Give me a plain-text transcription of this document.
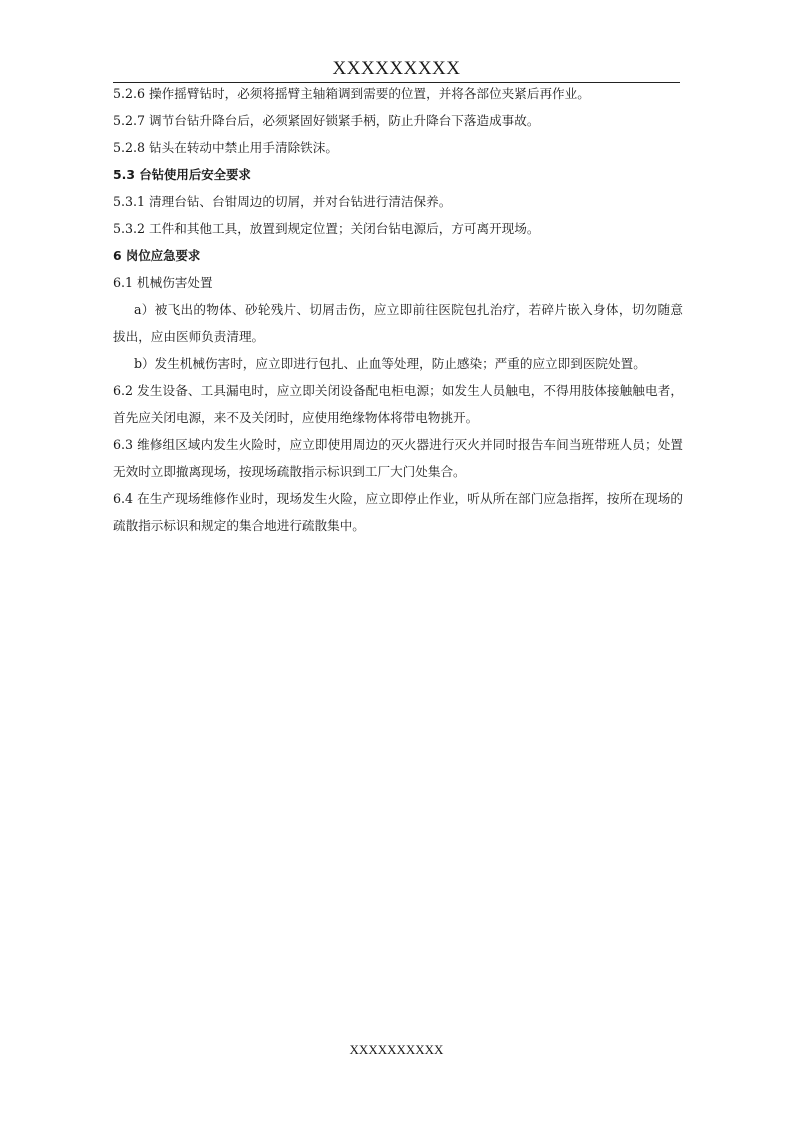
XXXXXXXXX
5.2.6 操作摇臂钻时，必须将摇臂主轴箱调到需要的位置，并将各部位夹紧后再作业。
5.2.7 调节台钻升降台后，必须紧固好锁紧手柄，防止升降台下落造成事故。
5.2.8 钻头在转动中禁止用手清除铁沫。
5.3 台钻使用后安全要求
5.3.1 清理台钻、台钳周边的切屑，并对台钻进行清洁保养。
5.3.2 工件和其他工具，放置到规定位置；关闭台钻电源后，方可离开现场。
6 岗位应急要求
6.1 机械伤害处置
a）被飞出的物体、砂轮残片、切屑击伤，应立即前往医院包扎治疗，若碎片嵌入身体，切勿随意拔出，应由医师负责清理。
b）发生机械伤害时，应立即进行包扎、止血等处理，防止感染；严重的应立即到医院处置。
6.2 发生设备、工具漏电时，应立即关闭设备配电柜电源；如发生人员触电，不得用肢体接触触电者，首先应关闭电源，来不及关闭时，应使用绝缘物体将带电物挑开。
6.3 维修组区域内发生火险时，应立即使用周边的灭火器进行灭火并同时报告车间当班带班人员；处置无效时立即撤离现场，按现场疏散指示标识到工厂大门处集合。
6.4 在生产现场维修作业时，现场发生火险，应立即停止作业，听从所在部门应急指挥，按所在现场的疏散指示标识和规定的集合地进行疏散集中。
XXXXXXXXXX
